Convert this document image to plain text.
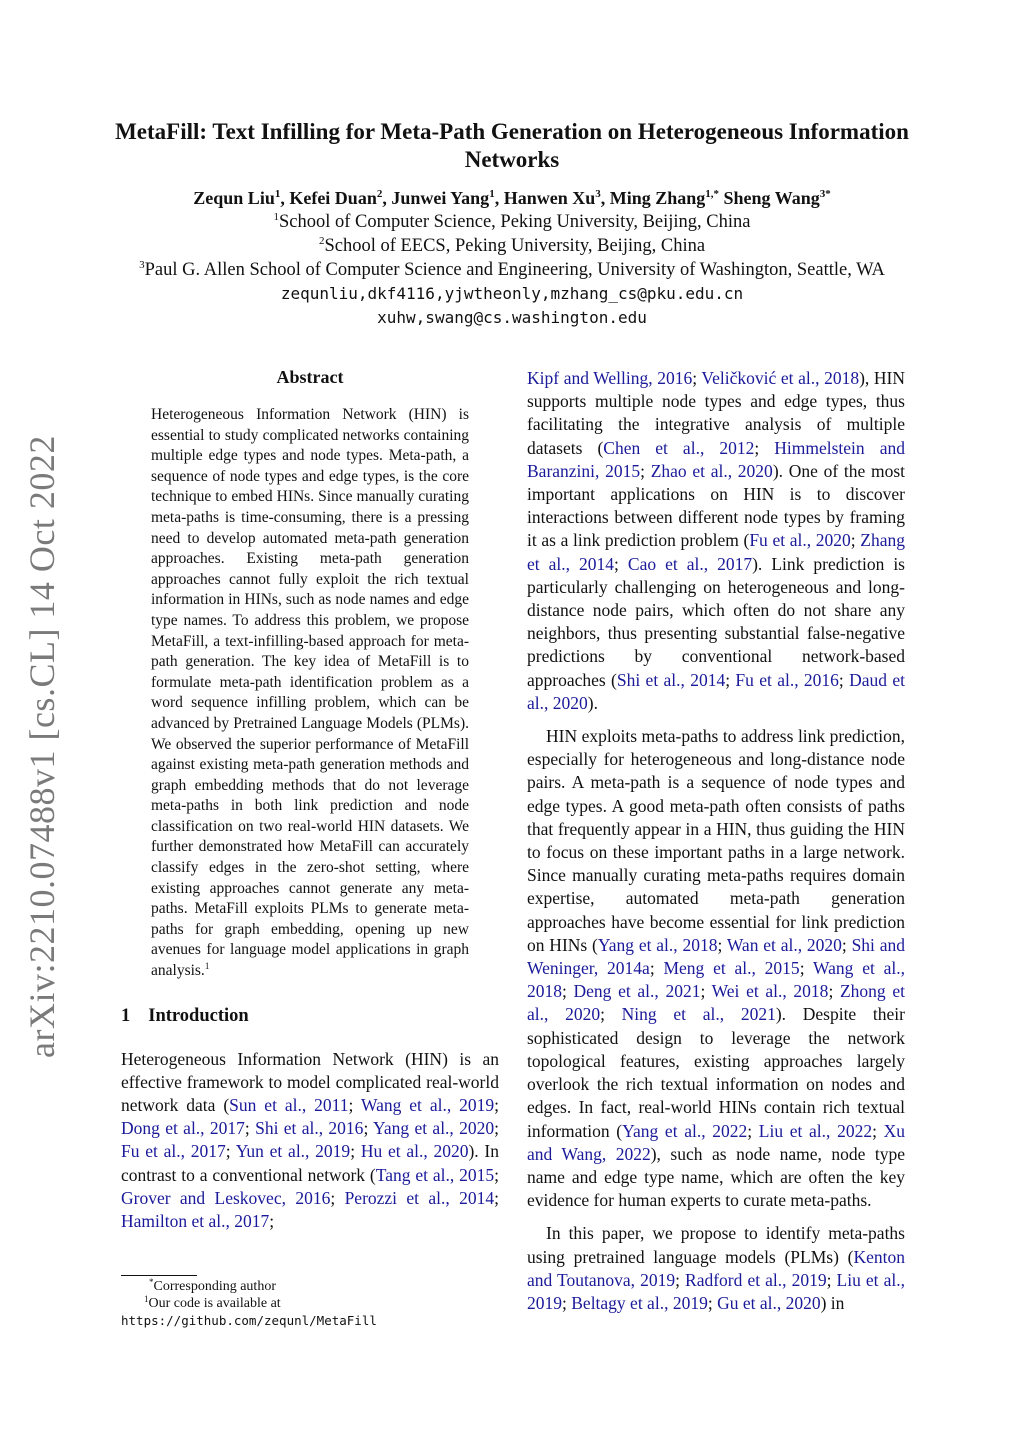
arXiv:2210.07488v1 [cs.CL] 14 Oct 2022
MetaFill: Text Infilling for Meta-Path Generation on Heterogeneous Information Networks
Zequn Liu$^1$, Kefei Duan$^2$, Junwei Yang$^1$, Hanwen Xu$^3$, Ming Zhang$^{1,*}$ Sheng Wang$^{3*}$
$^1$School of Computer Science, Peking University, Beijing, China
$^2$School of EECS, Peking University, Beijing, China
$^3$Paul G. Allen School of Computer Science and Engineering, University of Washington, Seattle, WA
zequnliu,dkf4116,yjwtheonly,mzhang_cs@pku.edu.cn
xuhw,swang@cs.washington.edu
Abstract
Heterogeneous Information Network (HIN) is essential to study complicated networks containing multiple edge types and node types. Meta-path, a sequence of node types and edge types, is the core technique to embed HINs. Since manually curating meta-paths is time-consuming, there is a pressing need to develop automated meta-path generation approaches. Existing meta-path generation approaches cannot fully exploit the rich textual information in HINs, such as node names and edge type names. To address this problem, we propose MetaFill, a text-infilling-based approach for meta-path generation. The key idea of MetaFill is to formulate meta-path identification problem as a word sequence infilling problem, which can be advanced by Pretrained Language Models (PLMs). We observed the superior performance of MetaFill against existing meta-path generation methods and graph embedding methods that do not leverage meta-paths in both link prediction and node classification on two real-world HIN datasets. We further demonstrated how MetaFill can accurately classify edges in the zero-shot setting, where existing approaches cannot generate any meta-paths. MetaFill exploits PLMs to generate meta-paths for graph embedding, opening up new avenues for language model applications in graph analysis.$^1$
1 Introduction

Heterogeneous Information Network (HIN) is an effective framework to model complicated real-world network data (Sun et al., 2011; Wang et al., 2019; Dong et al., 2017; Shi et al., 2016; Yang et al., 2020; Fu et al., 2017; Yun et al., 2019; Hu et al., 2020). In contrast to a conventional network (Tang et al., 2015; Grover and Leskovec, 2016; Perozzi et al., 2014; Hamilton et al., 2017;

*Corresponding author
$^1$Our code is available at https://github.com/zequnl/MetaFill

Kipf and Welling, 2016; Veličković et al., 2018), HIN supports multiple node types and edge types, thus facilitating the integrative analysis of multiple datasets (Chen et al., 2012; Himmelstein and Baranzini, 2015; Zhao et al., 2020). One of the most important applications on HIN is to discover interactions between different node types by framing it as a link prediction problem (Fu et al., 2020; Zhang et al., 2014; Cao et al., 2017). Link prediction is particularly challenging on heterogeneous and long-distance node pairs, which often do not share any neighbors, thus presenting substantial false-negative predictions by conventional network-based approaches (Shi et al., 2014; Fu et al., 2016; Daud et al., 2020).

HIN exploits meta-paths to address link prediction, especially for heterogeneous and long-distance node pairs. A meta-path is a sequence of node types and edge types. A good meta-path often consists of paths that frequently appear in a HIN, thus guiding the HIN to focus on these important paths in a large network. Since manually curating meta-paths requires domain expertise, automated meta-path generation approaches have become essential for link prediction on HINs (Yang et al., 2018; Wan et al., 2020; Shi and Weninger, 2014a; Meng et al., 2015; Wang et al., 2018; Deng et al., 2021; Wei et al., 2018; Zhong et al., 2020; Ning et al., 2021). Despite their sophisticated design to leverage the network topological features, existing approaches largely overlook the rich textual information on nodes and edges. In fact, real-world HINs contain rich textual information (Yang et al., 2022; Liu et al., 2022; Xu and Wang, 2022), such as node name, node type name and edge type name, which are often the key evidence for human experts to curate meta-paths.

In this paper, we propose to identify meta-paths using pretrained language models (PLMs) (Kenton and Toutanova, 2019; Radford et al., 2019; Liu et al., 2019; Beltagy et al., 2019; Gu et al., 2020) in
